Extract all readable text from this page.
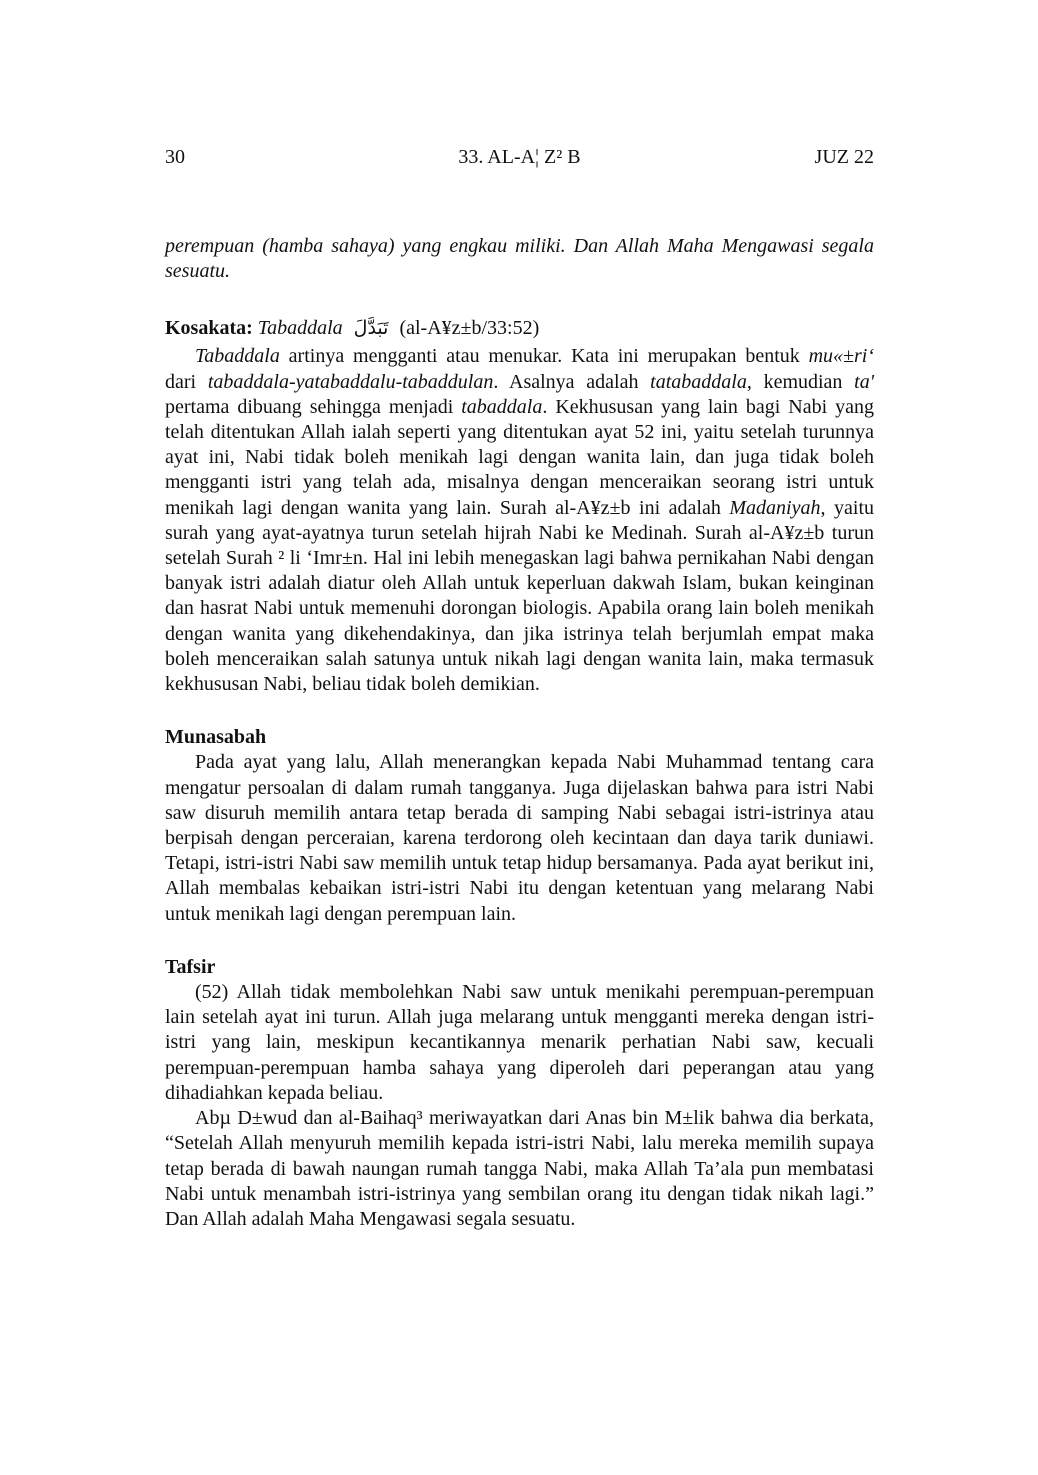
30	33. AL-A¦ Z² B	JUZ 22

perempuan (hamba sahaya) yang engkau miliki. Dan Allah Maha Mengawasi segala sesuatu.

Kosakata: Tabaddala تَبَدَّلَ (al-A¥z±b/33:52)

Tabaddala artinya mengganti atau menukar. Kata ini merupakan bentuk mu«±ri‘ dari tabaddala-yatabaddalu-tabaddulan. Asalnya adalah tatabaddala, kemudian ta' pertama dibuang sehingga menjadi tabaddala. Kekhususan yang lain bagi Nabi yang telah ditentukan Allah ialah seperti yang ditentukan ayat 52 ini, yaitu setelah turunnya ayat ini, Nabi tidak boleh menikah lagi dengan wanita lain, dan juga tidak boleh mengganti istri yang telah ada, misalnya dengan menceraikan seorang istri untuk menikah lagi dengan wanita yang lain. Surah al-A¥z±b ini adalah Madaniyah, yaitu surah yang ayat-ayatnya turun setelah hijrah Nabi ke Medinah. Surah al-A¥z±b turun setelah Surah ² li ‘Imr±n. Hal ini lebih menegaskan lagi bahwa pernikahan Nabi dengan banyak istri adalah diatur oleh Allah untuk keperluan dakwah Islam, bukan keinginan dan hasrat Nabi untuk memenuhi dorongan biologis. Apabila orang lain boleh menikah dengan wanita yang dikehendakinya, dan jika istrinya telah berjumlah empat maka boleh menceraikan salah satunya untuk nikah lagi dengan wanita lain, maka termasuk kekhususan Nabi, beliau tidak boleh demikian.

Munasabah

Pada ayat yang lalu, Allah menerangkan kepada Nabi Muhammad tentang cara mengatur persoalan di dalam rumah tangganya. Juga dijelaskan bahwa para istri Nabi saw disuruh memilih antara tetap berada di samping Nabi sebagai istri-istrinya atau berpisah dengan perceraian, karena terdorong oleh kecintaan dan daya tarik duniawi. Tetapi, istri-istri Nabi saw memilih untuk tetap hidup bersamanya. Pada ayat berikut ini, Allah membalas kebaikan istri-istri Nabi itu dengan ketentuan yang melarang Nabi untuk menikah lagi dengan perempuan lain.

Tafsir

(52) Allah tidak membolehkan Nabi saw untuk menikahi perempuan-perempuan lain setelah ayat ini turun. Allah juga melarang untuk mengganti mereka dengan istri-istri yang lain, meskipun kecantikannya menarik perhatian Nabi saw, kecuali perempuan-perempuan hamba sahaya yang diperoleh dari peperangan atau yang dihadiahkan kepada beliau.

Abµ D±wud dan al-Baihaq³ meriwayatkan dari Anas bin M±lik bahwa dia berkata, “Setelah Allah menyuruh memilih kepada istri-istri Nabi, lalu mereka memilih supaya tetap berada di bawah naungan rumah tangga Nabi, maka Allah Ta’ala pun membatasi Nabi untuk menambah istri-istrinya yang sembilan orang itu dengan tidak nikah lagi.” Dan Allah adalah Maha Mengawasi segala sesuatu.
